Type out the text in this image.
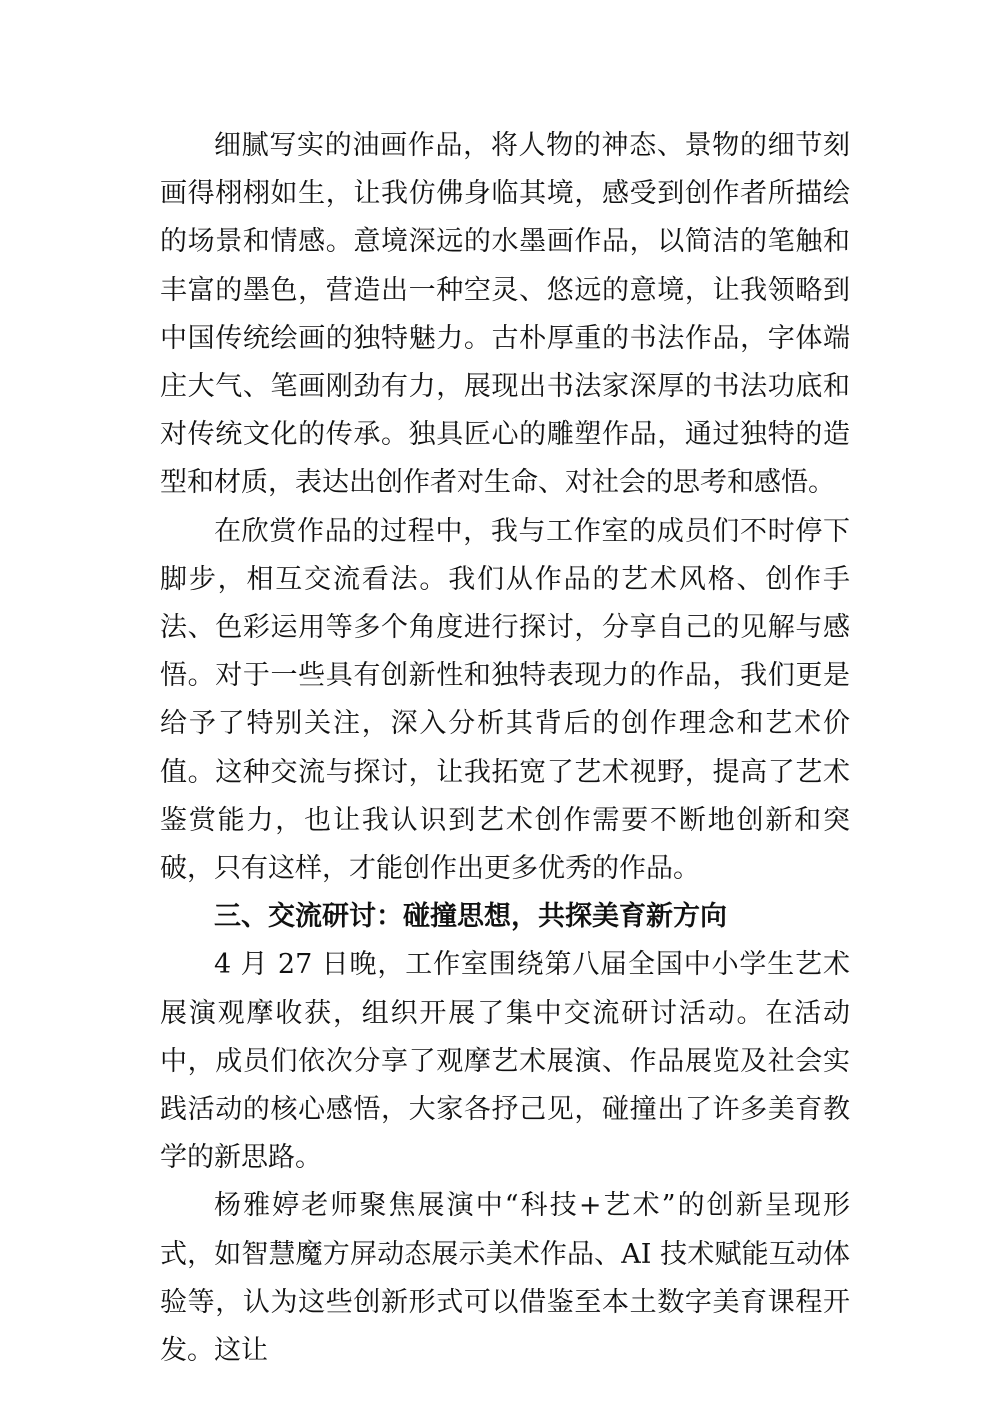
细腻写实的油画作品，将人物的神态、景物的细节刻画得栩栩如生，让我仿佛身临其境，感受到创作者所描绘的场景和情感。意境深远的水墨画作品，以简洁的笔触和丰富的墨色，营造出一种空灵、悠远的意境，让我领略到中国传统绘画的独特魅力。古朴厚重的书法作品，字体端庄大气、笔画刚劲有力，展现出书法家深厚的书法功底和对传统文化的传承。独具匠心的雕塑作品，通过独特的造型和材质，表达出创作者对生命、对社会的思考和感悟。

在欣赏作品的过程中，我与工作室的成员们不时停下脚步，相互交流看法。我们从作品的艺术风格、创作手法、色彩运用等多个角度进行探讨，分享自己的见解与感悟。对于一些具有创新性和独特表现力的作品，我们更是给予了特别关注，深入分析其背后的创作理念和艺术价值。这种交流与探讨，让我拓宽了艺术视野，提高了艺术鉴赏能力，也让我认识到艺术创作需要不断地创新和突破，只有这样，才能创作出更多优秀的作品。

三、交流研讨：碰撞思想，共探美育新方向

4 月 27 日晚，工作室围绕第八届全国中小学生艺术展演观摩收获，组织开展了集中交流研讨活动。在活动中，成员们依次分享了观摩艺术展演、作品展览及社会实践活动的核心感悟，大家各抒己见，碰撞出了许多美育教学的新思路。

杨雅婷老师聚焦展演中“科技+艺术”的创新呈现形式，如智慧魔方屏动态展示美术作品、AI 技术赋能互动体验等，认为这些创新形式可以借鉴至本土数字美育课程开发。这让
